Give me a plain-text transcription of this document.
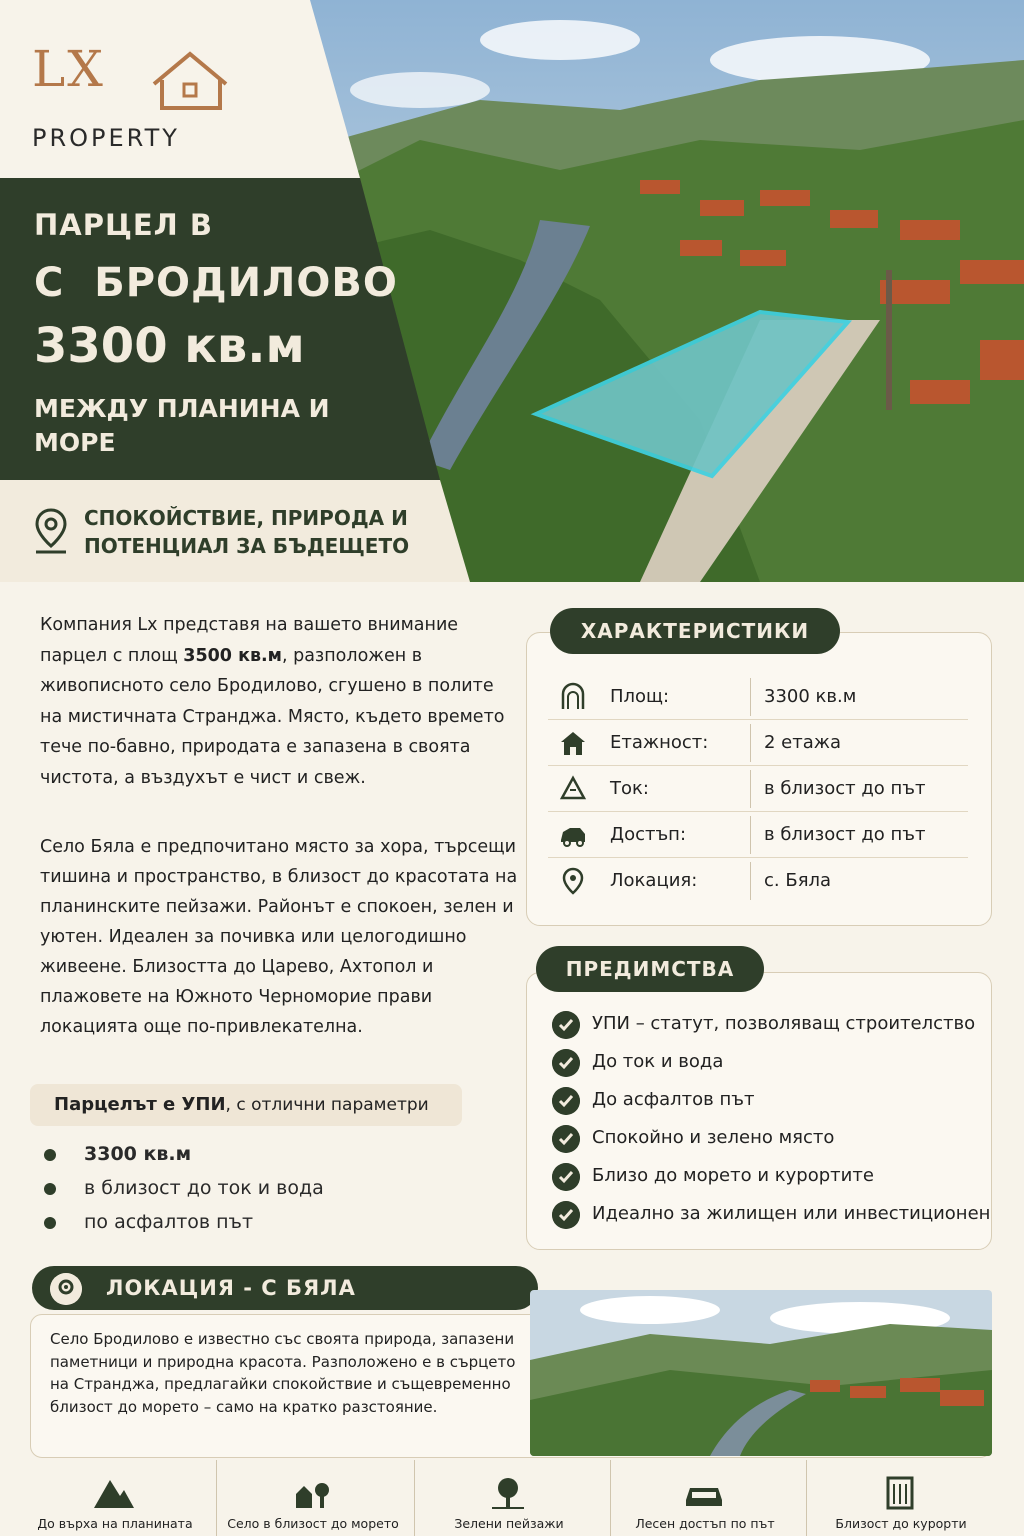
LX
PROPERTY
ПАРЦЕЛ В
С  БРОДИЛОВО
3300 кв.м
МЕЖДУ ПЛАНИНА И МОРЕ
СПОКОЙСТВИЕ, ПРИРОДА И ПОТЕНЦИАЛ ЗА БЪДЕЩЕТО
Компания Lx представя на вашето внимание парцел с площ 3500 кв.м, разположен в живописното село Бродилово, сгушено в полите на мистичната Странджа. Място, където времето тече по-бавно, природата е запазена в своята чистота, а въздухът е чист и свеж.
Село Бяла е предпочитано място за хора, търсещи тишина и пространство, в близост до красотата на планинските пейзажи. Районът е спокоен, зелен и уютен. Идеален за почивка или целогодишно живеене. Близостта до Царево, Ахтопол и плажовете на Южното Черноморие прави локацията още по-привлекателна.
Парцелът е УПИ, с отлични параметри
3300 кв.м
в близост до ток и вода
по асфалтов път
ХАРАКТЕРИСТИКИ
Площ:	3300 кв.м
Етажност:	2 етажа
Ток:	в близост до път
Достъп:	в близост до път
Локация:	с. Бяла
ПРЕДИМСТВА
УПИ – статут, позволяващ строителство
До ток и вода
До асфалтов път
Спокойно и зелено място
Близо до морето и курортите
Идеално за жилищен или инвестиционен
ЛОКАЦИЯ - С БЯЛА
Село Бродилово е известно със своята природа, запазени паметници и природна красота. Разположено е в сърцето на Странджа, предлагайки спокойствие и същевременно близост до морето – само на кратко разстояние.
До върха на планината	Село в близост до морето	Зелени пейзажи	Лесен достъп по път	Близост до курорти
